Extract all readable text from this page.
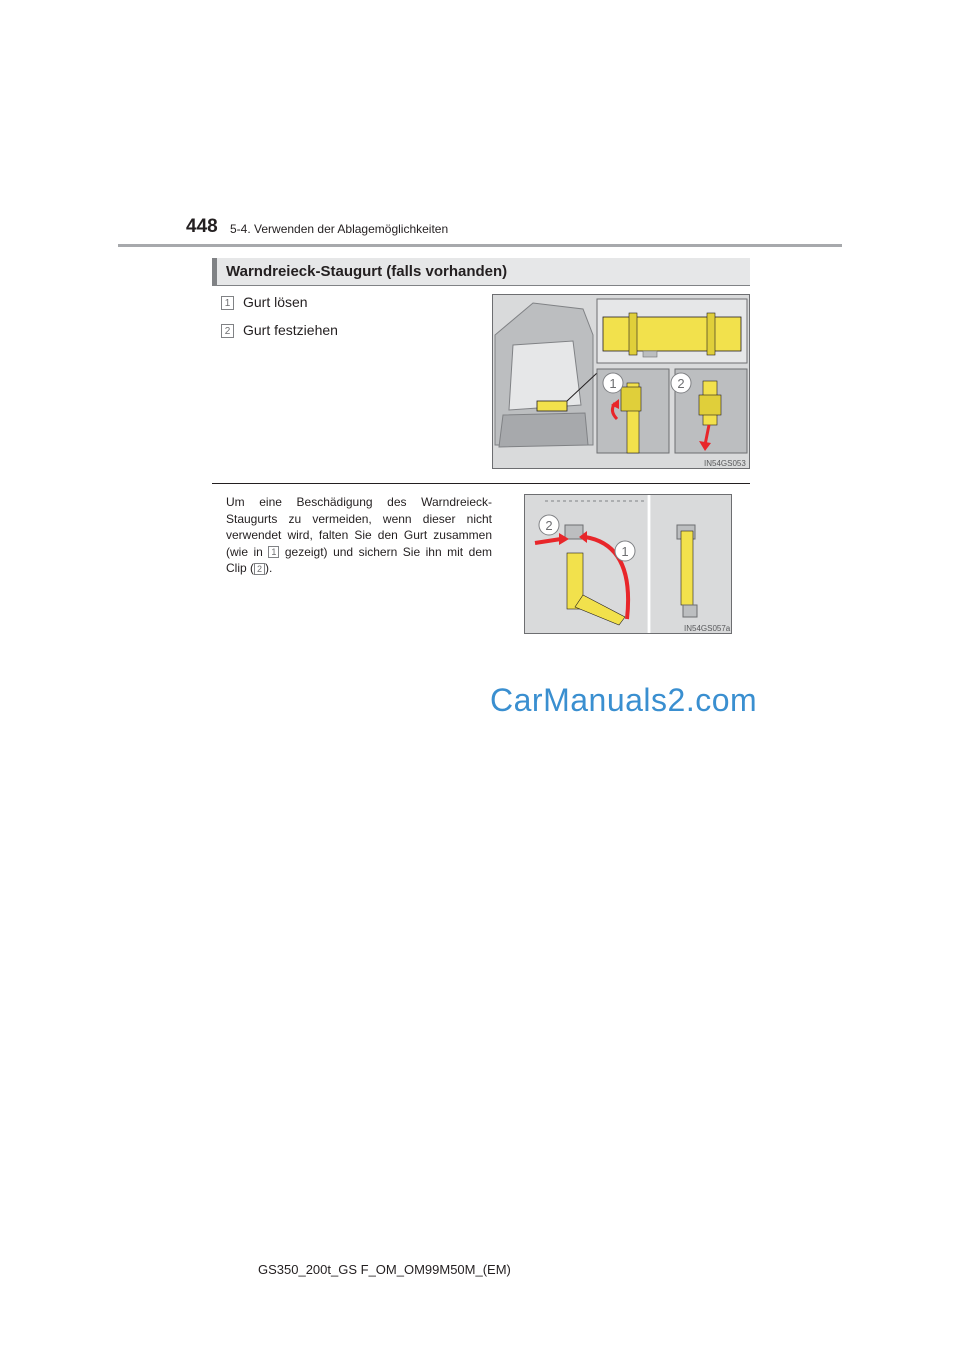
448 5-4. Verwenden der Ablagemöglichkeiten
Warndreieck-Staugurt (falls vorhanden)
1 Gurt lösen
2 Gurt festziehen
1	2
IN54GS053
Um eine Beschädigung des Warndreieck-Staugurts zu vermeiden, wenn dieser nicht verwendet wird, falten Sie den Gurt zusammen (wie in 1 gezeigt) und sichern Sie ihn mit dem Clip ( 2 ).
2
1
IN54GS057a
CarManuals2.com
GS350_200t_GS F_OM_OM99M50M_(EM)
